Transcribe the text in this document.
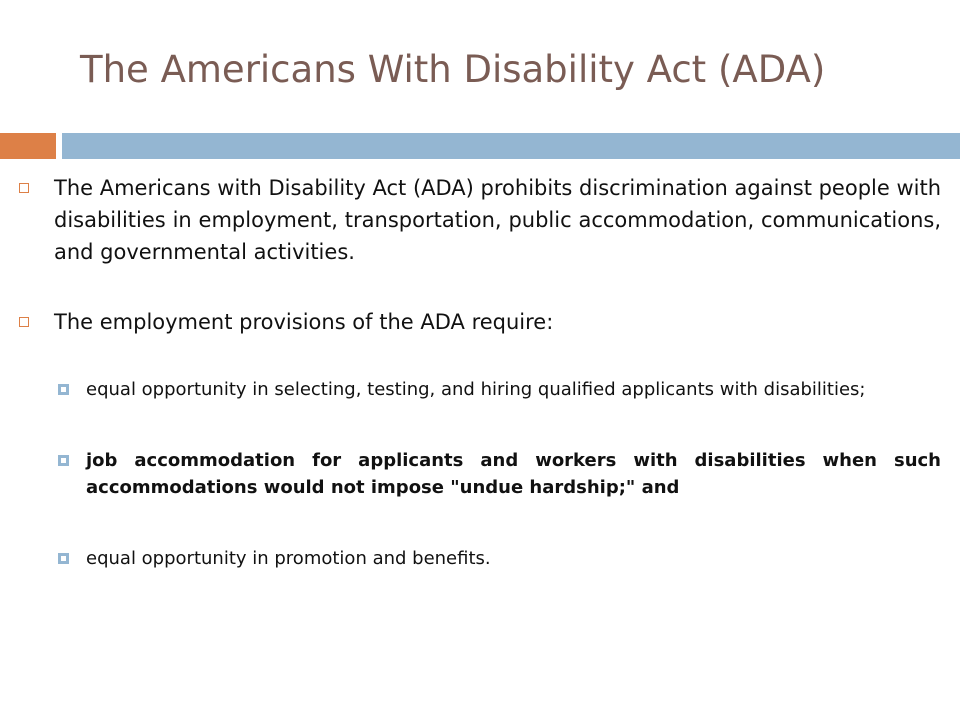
The Americans With Disability Act (ADA)
The Americans with Disability Act (ADA) prohibits discrimination against people with disabilities in employment, transportation, public accommodation, communications, and governmental activities.
The employment provisions of the ADA require:
equal opportunity in selecting, testing, and hiring qualified applicants with disabilities;
job accommodation for applicants and workers with disabilities when such accommodations would not impose "undue hardship;" and
equal opportunity in promotion and benefits.
